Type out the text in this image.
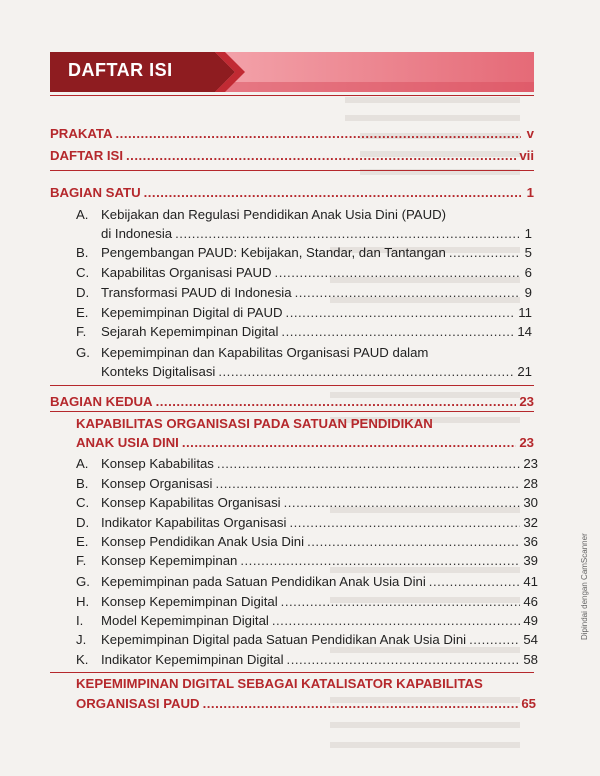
DAFTAR ISI
PRAKATA .....	v
DAFTAR ISI .....	vii
BAGIAN SATU .....	1
A. Kebijakan dan Regulasi Pendidikan Anak Usia Dini (PAUD)
di Indonesia .....	1
B. Pengembangan PAUD: Kebijakan, Standar, dan Tantangan .....	5
C. Kapabilitas Organisasi PAUD .....	6
D. Transformasi PAUD di Indonesia .....	9
E. Kepemimpinan Digital di PAUD .....	11
F. Sejarah Kepemimpinan Digital .....	14
G. Kepemimpinan dan Kapabilitas Organisasi PAUD dalam
Konteks Digitalisasi .....	21
BAGIAN KEDUA .....	23
KAPABILITAS ORGANISASI PADA SATUAN PENDIDIKAN
ANAK USIA DINI .....	23
A. Konsep Kababilitas .....	23
B. Konsep Organisasi .....	28
C. Konsep Kapabilitas Organisasi .....	30
D. Indikator Kapabilitas Organisasi .....	32
E. Konsep Pendidikan Anak Usia Dini .....	36
F. Konsep Kepemimpinan .....	39
G. Kepemimpinan pada Satuan Pendidikan Anak Usia Dini .....	41
H. Konsep Kepemimpinan Digital .....	46
I. Model Kepemimpinan Digital .....	49
J. Kepemimpinan Digital pada Satuan Pendidikan Anak Usia Dini .....	54
K. Indikator Kepemimpinan Digital .....	58
KEPEMIMPINAN DIGITAL SEBAGAI KATALISATOR KAPABILITAS
ORGANISASI PAUD .....	65
Dipindai dengan CamScanner
